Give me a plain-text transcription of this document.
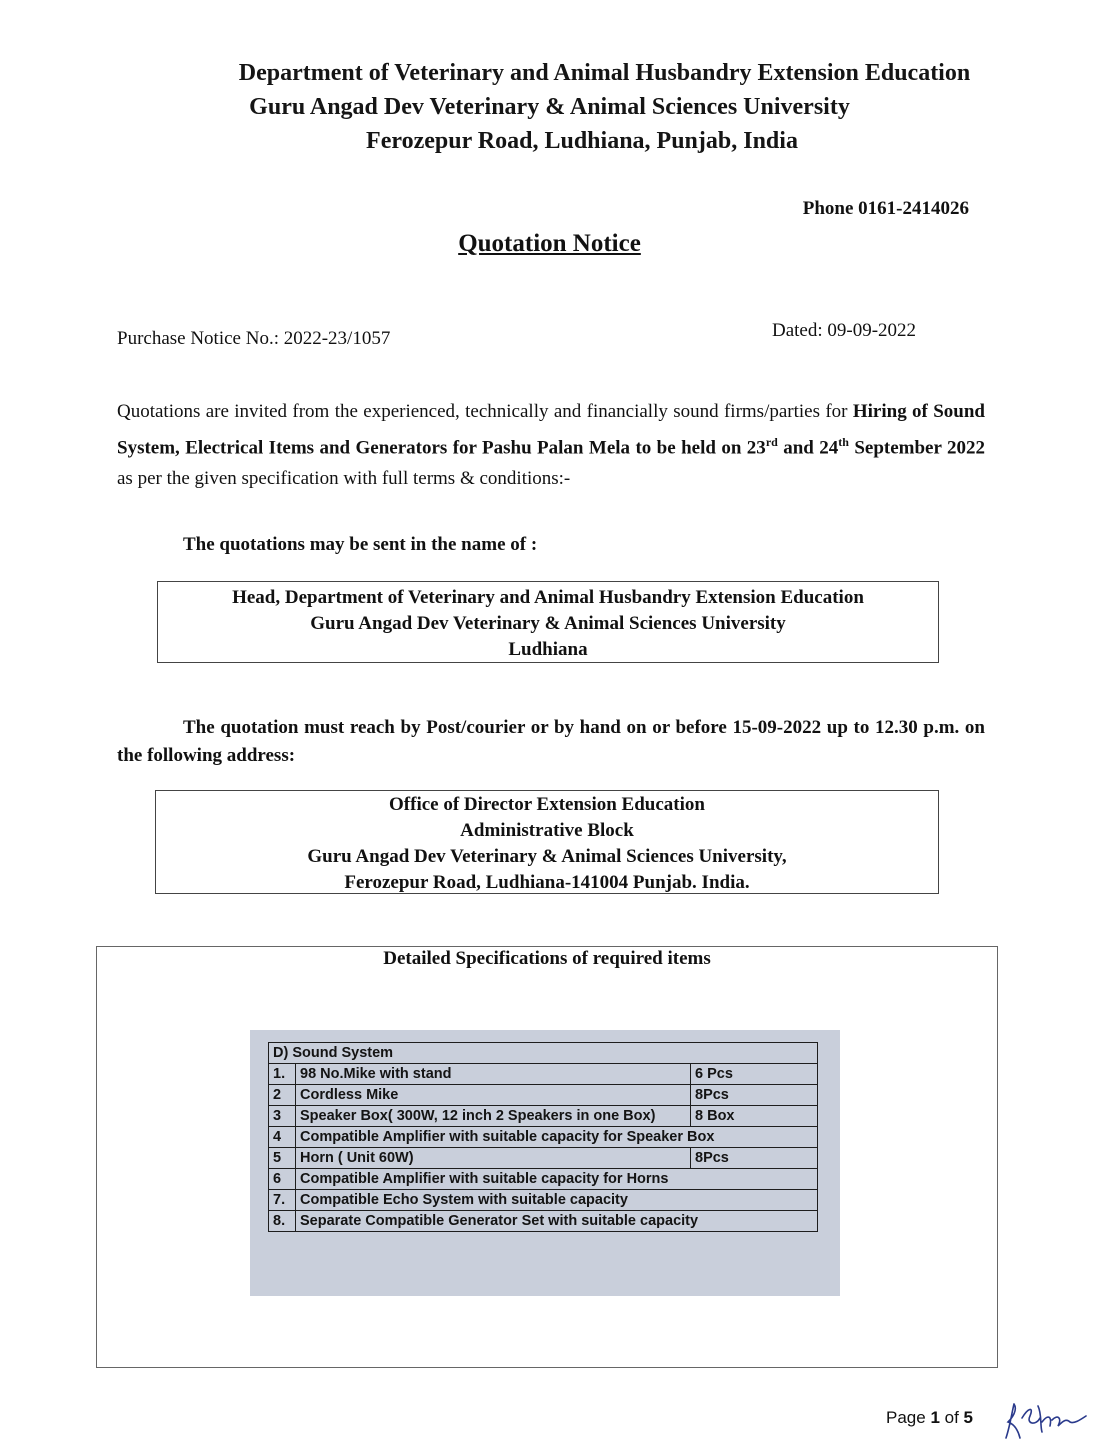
Department of Veterinary and Animal Husbandry Extension Education
Guru Angad Dev Veterinary & Animal Sciences University
Ferozepur Road, Ludhiana, Punjab, India
Phone 0161-2414026
Quotation Notice
Purchase Notice No.: 2022-23/1057	Dated: 09-09-2022
Quotations are invited from the experienced, technically and financially sound firms/parties for Hiring of Sound System, Electrical Items and Generators for Pashu Palan Mela to be held on 23rd and 24th September 2022 as per the given specification with full terms & conditions:-
The quotations may be sent in the name of :
Head, Department of Veterinary and Animal Husbandry Extension Education
Guru Angad Dev Veterinary & Animal Sciences University
Ludhiana
The quotation must reach by Post/courier or by hand on or before 15-09-2022 up to 12.30 p.m. on the following address:
Office of Director Extension Education
Administrative Block
Guru Angad Dev Veterinary & Animal Sciences University,
Ferozepur Road, Ludhiana-141004 Punjab. India.
Detailed Specifications of required items
D) Sound System		
1.	98 No.Mike with stand	6 Pcs
2	Cordless Mike	8Pcs
3	Speaker Box( 300W, 12 inch 2 Speakers in one Box)	8 Box
4	Compatible Amplifier with suitable capacity for Speaker Box	
5	Horn ( Unit 60W)	8Pcs
6	Compatible Amplifier with suitable capacity for Horns	
7.	Compatible Echo System with suitable capacity	
8.	Separate Compatible Generator Set with suitable capacity	
Page 1 of 5
